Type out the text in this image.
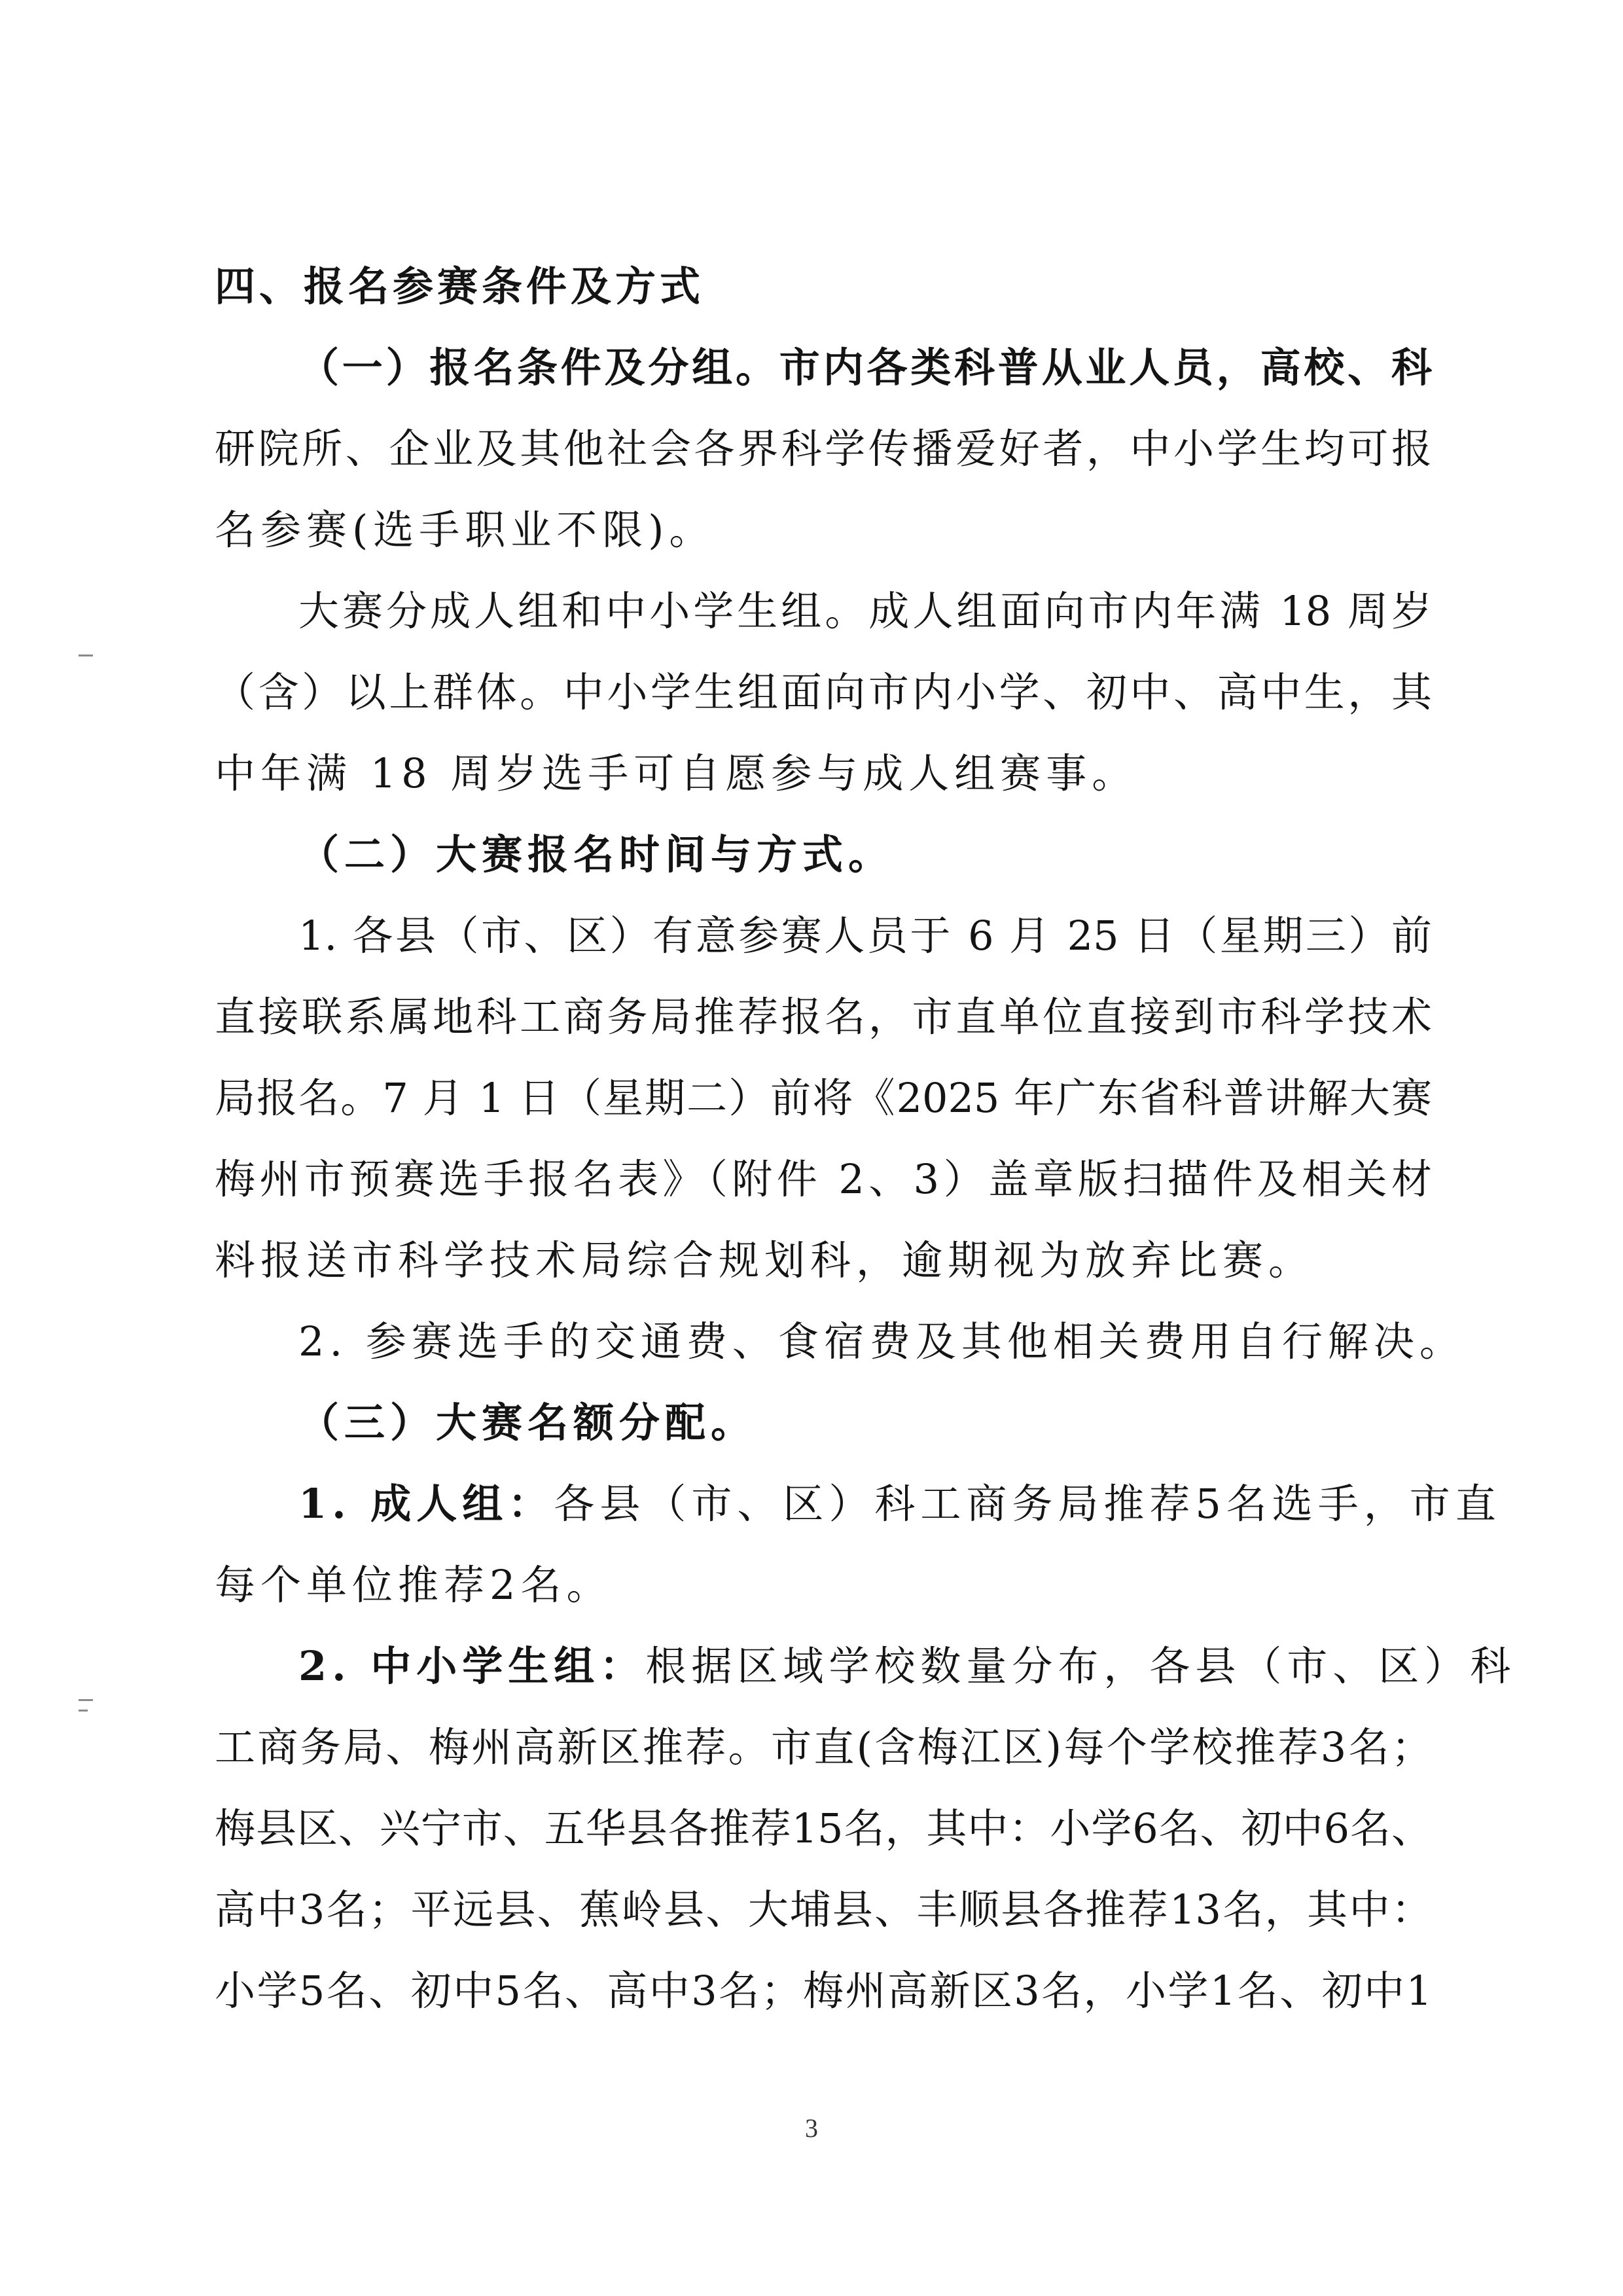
四、报名参赛条件及方式
（一）报名条件及分组。市内各类科普从业人员，高校、科
研院所、企业及其他社会各界科学传播爱好者，中小学生均可报
名参赛(选手职业不限)。
大赛分成人组和中小学生组。成人组面向市内年满 18 周岁
（含）以上群体。中小学生组面向市内小学、初中、高中生，其
中年满 18 周岁选手可自愿参与成人组赛事。
（二）大赛报名时间与方式。
1. 各县（市、区）有意参赛人员于 6 月 25 日（星期三）前
直接联系属地科工商务局推荐报名，市直单位直接到市科学技术
局报名。7 月 1 日（星期二）前将《2025 年广东省科普讲解大赛
梅州市预赛选手报名表》（附件 2、3）盖章版扫描件及相关材
料报送市科学技术局综合规划科，逾期视为放弃比赛。
2. 参赛选手的交通费、食宿费及其他相关费用自行解决。
（三）大赛名额分配。
1. 成人组：各县（市、区）科工商务局推荐5名选手，市直
每个单位推荐2名。
2. 中小学生组：根据区域学校数量分布，各县（市、区）科
工商务局、梅州高新区推荐。市直(含梅江区)每个学校推荐3名；
梅县区、兴宁市、五华县各推荐15名，其中：小学6名、初中6名、
高中3名；平远县、蕉岭县、大埔县、丰顺县各推荐13名，其中：
小学5名、初中5名、高中3名；梅州高新区3名，小学1名、初中1
3
